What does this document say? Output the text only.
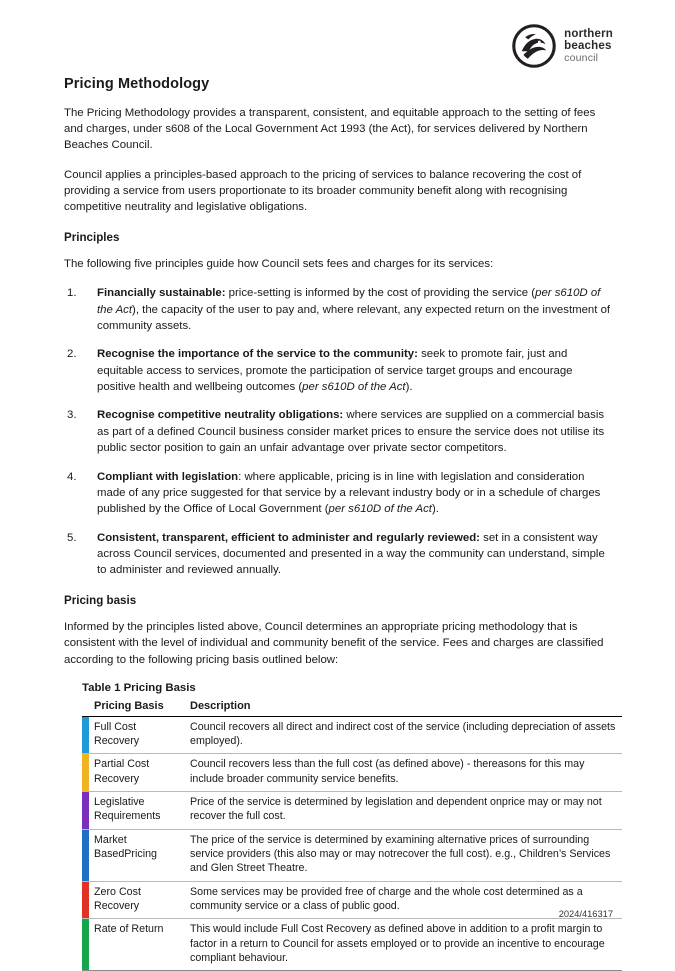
northern
beaches
council
Pricing Methodology

The Pricing Methodology provides a transparent, consistent, and equitable approach to the setting of fees and charges, under s608 of the Local Government Act 1993 (the Act), for services delivered by Northern Beaches Council.

Council applies a principles-based approach to the pricing of services to balance recovering the cost of providing a service from users proportionate to its broader community benefit along with recognising competitive neutrality and legislative obligations.

Principles

The following five principles guide how Council sets fees and charges for its services:

1. Financially sustainable: price-setting is informed by the cost of providing the service (per s610D of the Act), the capacity of the user to pay and, where relevant, any expected return on the investment of community assets.
2. Recognise the importance of the service to the community: seek to promote fair, just and equitable access to services, promote the participation of service target groups and encourage positive health and wellbeing outcomes (per s610D of the Act).
3. Recognise competitive neutrality obligations: where services are supplied on a commercial basis as part of a defined Council business consider market prices to ensure the service does not utilise its public sector position to gain an unfair advantage over private sector competitors.
4. Compliant with legislation: where applicable, pricing is in line with legislation and consideration made of any price suggested for that service by a relevant industry body or in a schedule of charges published by the Office of Local Government (per s610D of the Act).
5. Consistent, transparent, efficient to administer and regularly reviewed: set in a consistent way across Council services, documented and presented in a way the community can understand, simple to administer and reviewed annually.
Pricing basis

Informed by the principles listed above, Council determines an appropriate pricing methodology that is consistent with the level of individual and community benefit of the service. Fees and charges are classified according to the following pricing basis outlined below:

Table 1 Pricing Basis
	Pricing Basis	Description
	Full Cost Recovery	Council recovers all direct and indirect cost of the service (including depreciation of assets employed).
	Partial Cost Recovery	Council recovers less than the full cost (as defined above) - thereasons for this may include broader community service benefits.
	Legislative Requirements	Price of the service is determined by legislation and dependent onprice may or may not recover the full cost.
	Market BasedPricing	The price of the service is determined by examining alternative prices of surrounding service providers (this also may or may notrecover the full cost). e.g., Children’s Services and Glen Street Theatre.
	Zero Cost Recovery	Some services may be provided free of charge and the whole cost determined as a community service or a class of public good.
	Rate of Return	This would include Full Cost Recovery as defined above in addition to a profit margin to factor in a return to Council for assets employed or to provide an incentive to encourage compliant behaviour.
2024/416317
